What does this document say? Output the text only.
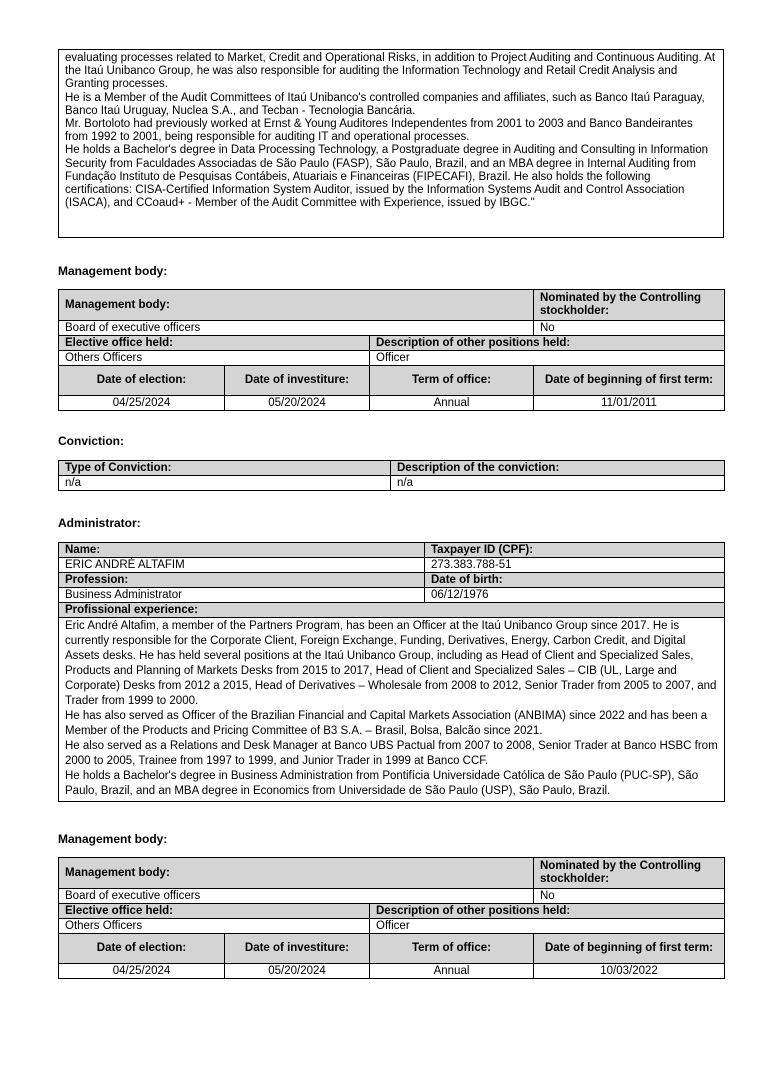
evaluating processes related to Market, Credit and Operational Risks, in addition to Project Auditing and Continuous Auditing. At the Itaú Unibanco Group, he was also responsible for auditing the Information Technology and Retail Credit Analysis and Granting processes.

He is a Member of the Audit Committees of Itaú Unibanco's controlled companies and affiliates, such as Banco Itaú Paraguay, Banco Itaú Uruguay, Nuclea S.A., and Tecban - Tecnologia Bancária.

Mr. Bortoloto had previously worked at Ernst & Young Auditores Independentes from 2001 to 2003 and Banco Bandeirantes from 1992 to 2001, being responsible for auditing IT and operational processes.

He holds a Bachelor's degree in Data Processing Technology, a Postgraduate degree in Auditing and Consulting in Information Security from Faculdades Associadas de São Paulo (FASP), São Paulo, Brazil, and an MBA degree in Internal Auditing from Fundação Instituto de Pesquisas Contábeis, Atuariais e Financeiras (FIPECAFI), Brazil. He also holds the following certifications: CISA-Certified Information System Auditor, issued by the Information Systems Audit and Control Association (ISACA), and CCoaud+ - Member of the Audit Committee with Experience, issued by IBGC."

Management body:
Management body:			Nominated by the Controlling stockholder:
Board of executive officers			No
Elective office held:		Description of other positions held:	
Others Officers		Officer	
Date of election:	Date of investiture:	Term of office:	Date of beginning of first term:
04/25/2024	05/20/2024	Annual	11/01/2011
Conviction:
Type of Conviction:	Description of the conviction:
n/a	n/a
Administrator:
Name:	Taxpayer ID (CPF):
ERIC ANDRÉ ALTAFIM	273.383.788-51
Profession:	Date of birth:
Business Administrator	06/12/1976
Profissional experience:	

Eric André Altafim, a member of the Partners Program, has been an Officer at the Itaú Unibanco Group since 2017. He is currently responsible for the Corporate Client, Foreign Exchange, Funding, Derivatives, Energy, Carbon Credit, and Digital Assets desks. He has held several positions at the Itaú Unibanco Group, including as Head of Client and Specialized Sales, Products and Planning of Markets Desks from 2015 to 2017, Head of Client and Specialized Sales – CIB (UL, Large and Corporate) Desks from 2012 a 2015, Head of Derivatives – Wholesale from 2008 to 2012, Senior Trader from 2005 to 2007, and Trader from 1999 to 2000.
He has also served as Officer of the Brazilian Financial and Capital Markets Association (ANBIMA) since 2022 and has been a Member of the Products and Pricing Committee of B3 S.A. – Brasil, Bolsa, Balcão since 2021.
He also served as a Relations and Desk Manager at Banco UBS Pactual from 2007 to 2008, Senior Trader at Banco HSBC from 2000 to 2005, Trainee from 1997 to 1999, and Junior Trader in 1999 at Banco CCF.
He holds a Bachelor's degree in Business Administration from Pontifícia Universidade Católica de São Paulo (PUC-SP), São Paulo, Brazil, and an MBA degree in Economics from Universidade de São Paulo (USP), São Paulo, Brazil.	
Management body:
Management body:			Nominated by the Controlling stockholder:
Board of executive officers			No
Elective office held:		Description of other positions held:	
Others Officers		Officer	
Date of election:	Date of investiture:	Term of office:	Date of beginning of first term:
04/25/2024	05/20/2024	Annual	10/03/2022
